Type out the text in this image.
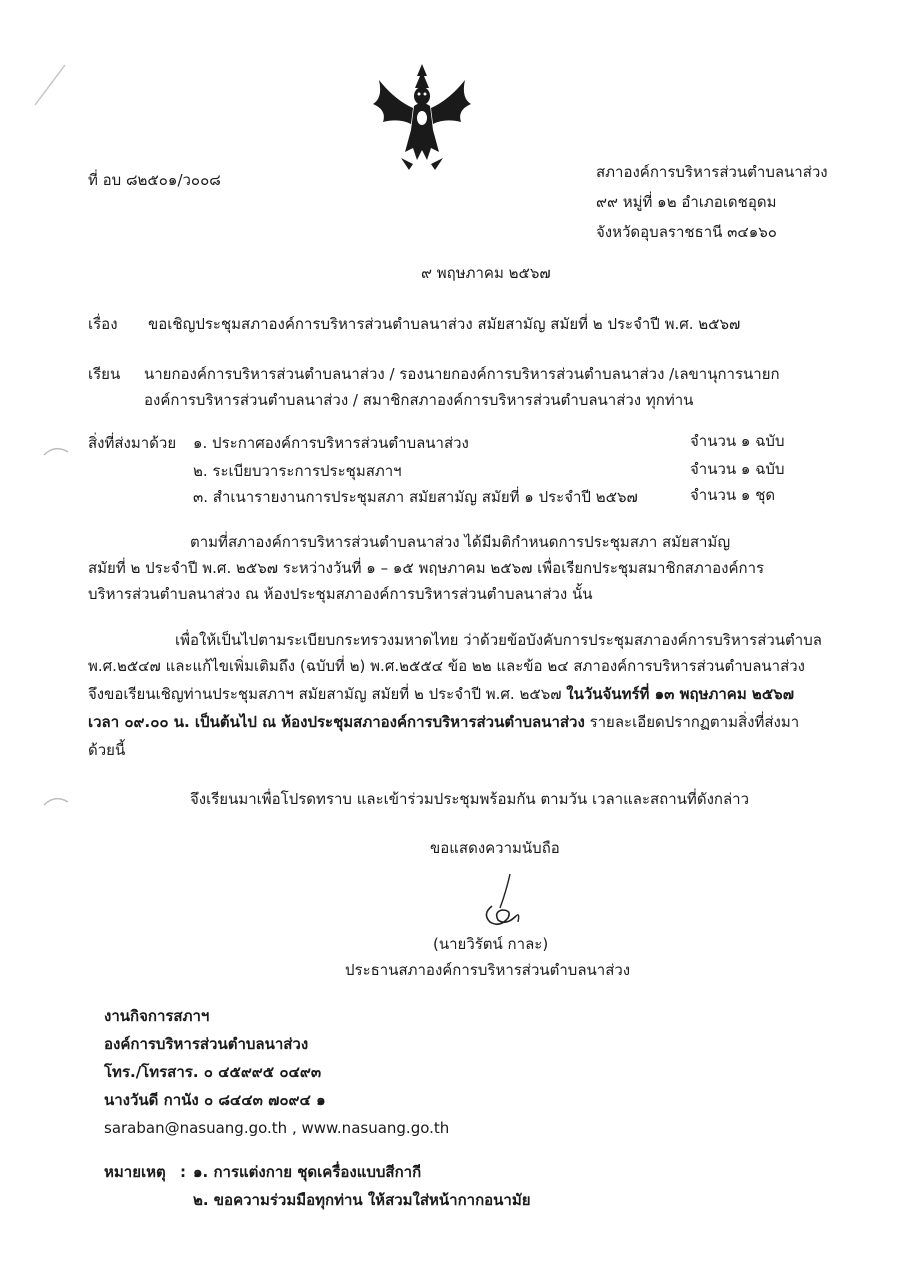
ที่ อบ ๘๒๕๐๑/ว๐๐๘	สภาองค์การบริหารส่วนตำบลนาส่วง
๙๙ หมู่ที่ ๑๒ อำเภอเดชอุดม
จังหวัดอุบลราชธานี ๓๔๑๖๐
๙ พฤษภาคม ๒๕๖๗
เรื่อง ขอเชิญประชุมสภาองค์การบริหารส่วนตำบลนาส่วง สมัยสามัญ สมัยที่ ๒ ประจำปี พ.ศ. ๒๕๖๗
เรียน นายกองค์การบริหารส่วนตำบลนาส่วง / รองนายกองค์การบริหารส่วนตำบลนาส่วง /เลขานุการนายก
องค์การบริหารส่วนตำบลนาส่วง / สมาชิกสภาองค์การบริหารส่วนตำบลนาส่วง ทุกท่าน
สิ่งที่ส่งมาด้วย ๑. ประกาศองค์การบริหารส่วนตำบลนาส่วง	จำนวน ๑ ฉบับ
๒. ระเบียบวาระการประชุมสภาฯ	จำนวน ๑ ฉบับ
๓. สำเนารายงานการประชุมสภา สมัยสามัญ สมัยที่ ๑ ประจำปี ๒๕๖๗	จำนวน ๑ ชุด
ตามที่สภาองค์การบริหารส่วนตำบลนาส่วง ได้มีมติกำหนดการประชุมสภา สมัยสามัญ
สมัยที่ ๒ ประจำปี พ.ศ. ๒๕๖๗ ระหว่างวันที่ ๑ – ๑๕ พฤษภาคม ๒๕๖๗ เพื่อเรียกประชุมสมาชิกสภาองค์การ
บริหารส่วนตำบลนาส่วง ณ ห้องประชุมสภาองค์การบริหารส่วนตำบลนาส่วง นั้น
เพื่อให้เป็นไปตามระเบียบกระทรวงมหาดไทย ว่าด้วยข้อบังคับการประชุมสภาองค์การบริหารส่วนตำบล
พ.ศ.๒๕๔๗ และแก้ไขเพิ่มเติมถึง (ฉบับที่ ๒) พ.ศ.๒๕๕๔ ข้อ ๒๒ และข้อ ๒๔ สภาองค์การบริหารส่วนตำบลนาส่วง
จึงขอเรียนเชิญท่านประชุมสภาฯ สมัยสามัญ สมัยที่ ๒ ประจำปี พ.ศ. ๒๕๖๗ ในวันจันทร์ที่ ๑๓ พฤษภาคม ๒๕๖๗
เวลา ๐๙.๐๐ น. เป็นต้นไป ณ ห้องประชุมสภาองค์การบริหารส่วนตำบลนาส่วง รายละเอียดปรากฏตามสิ่งที่ส่งมา
ด้วยนี้
จึงเรียนมาเพื่อโปรดทราบ และเข้าร่วมประชุมพร้อมกัน ตามวัน เวลาและสถานที่ดังกล่าว
ขอแสดงความนับถือ
(นายวิรัตน์ กาละ)
ประธานสภาองค์การบริหารส่วนตำบลนาส่วง
งานกิจการสภาฯ
องค์การบริหารส่วนตำบลนาส่วง
โทร./โทรสาร. ๐ ๔๕๙๙๕ ๐๔๙๓
นางวันดี กานัง ๐ ๘๔๔๓ ๗๐๙๔ ๑
saraban@nasuang.go.th , www.nasuang.go.th
หมายเหตุ : ๑. การแต่งกาย ชุดเครื่องแบบสีกากี
๒. ขอความร่วมมือทุกท่าน ให้สวมใส่หน้ากากอนามัย
